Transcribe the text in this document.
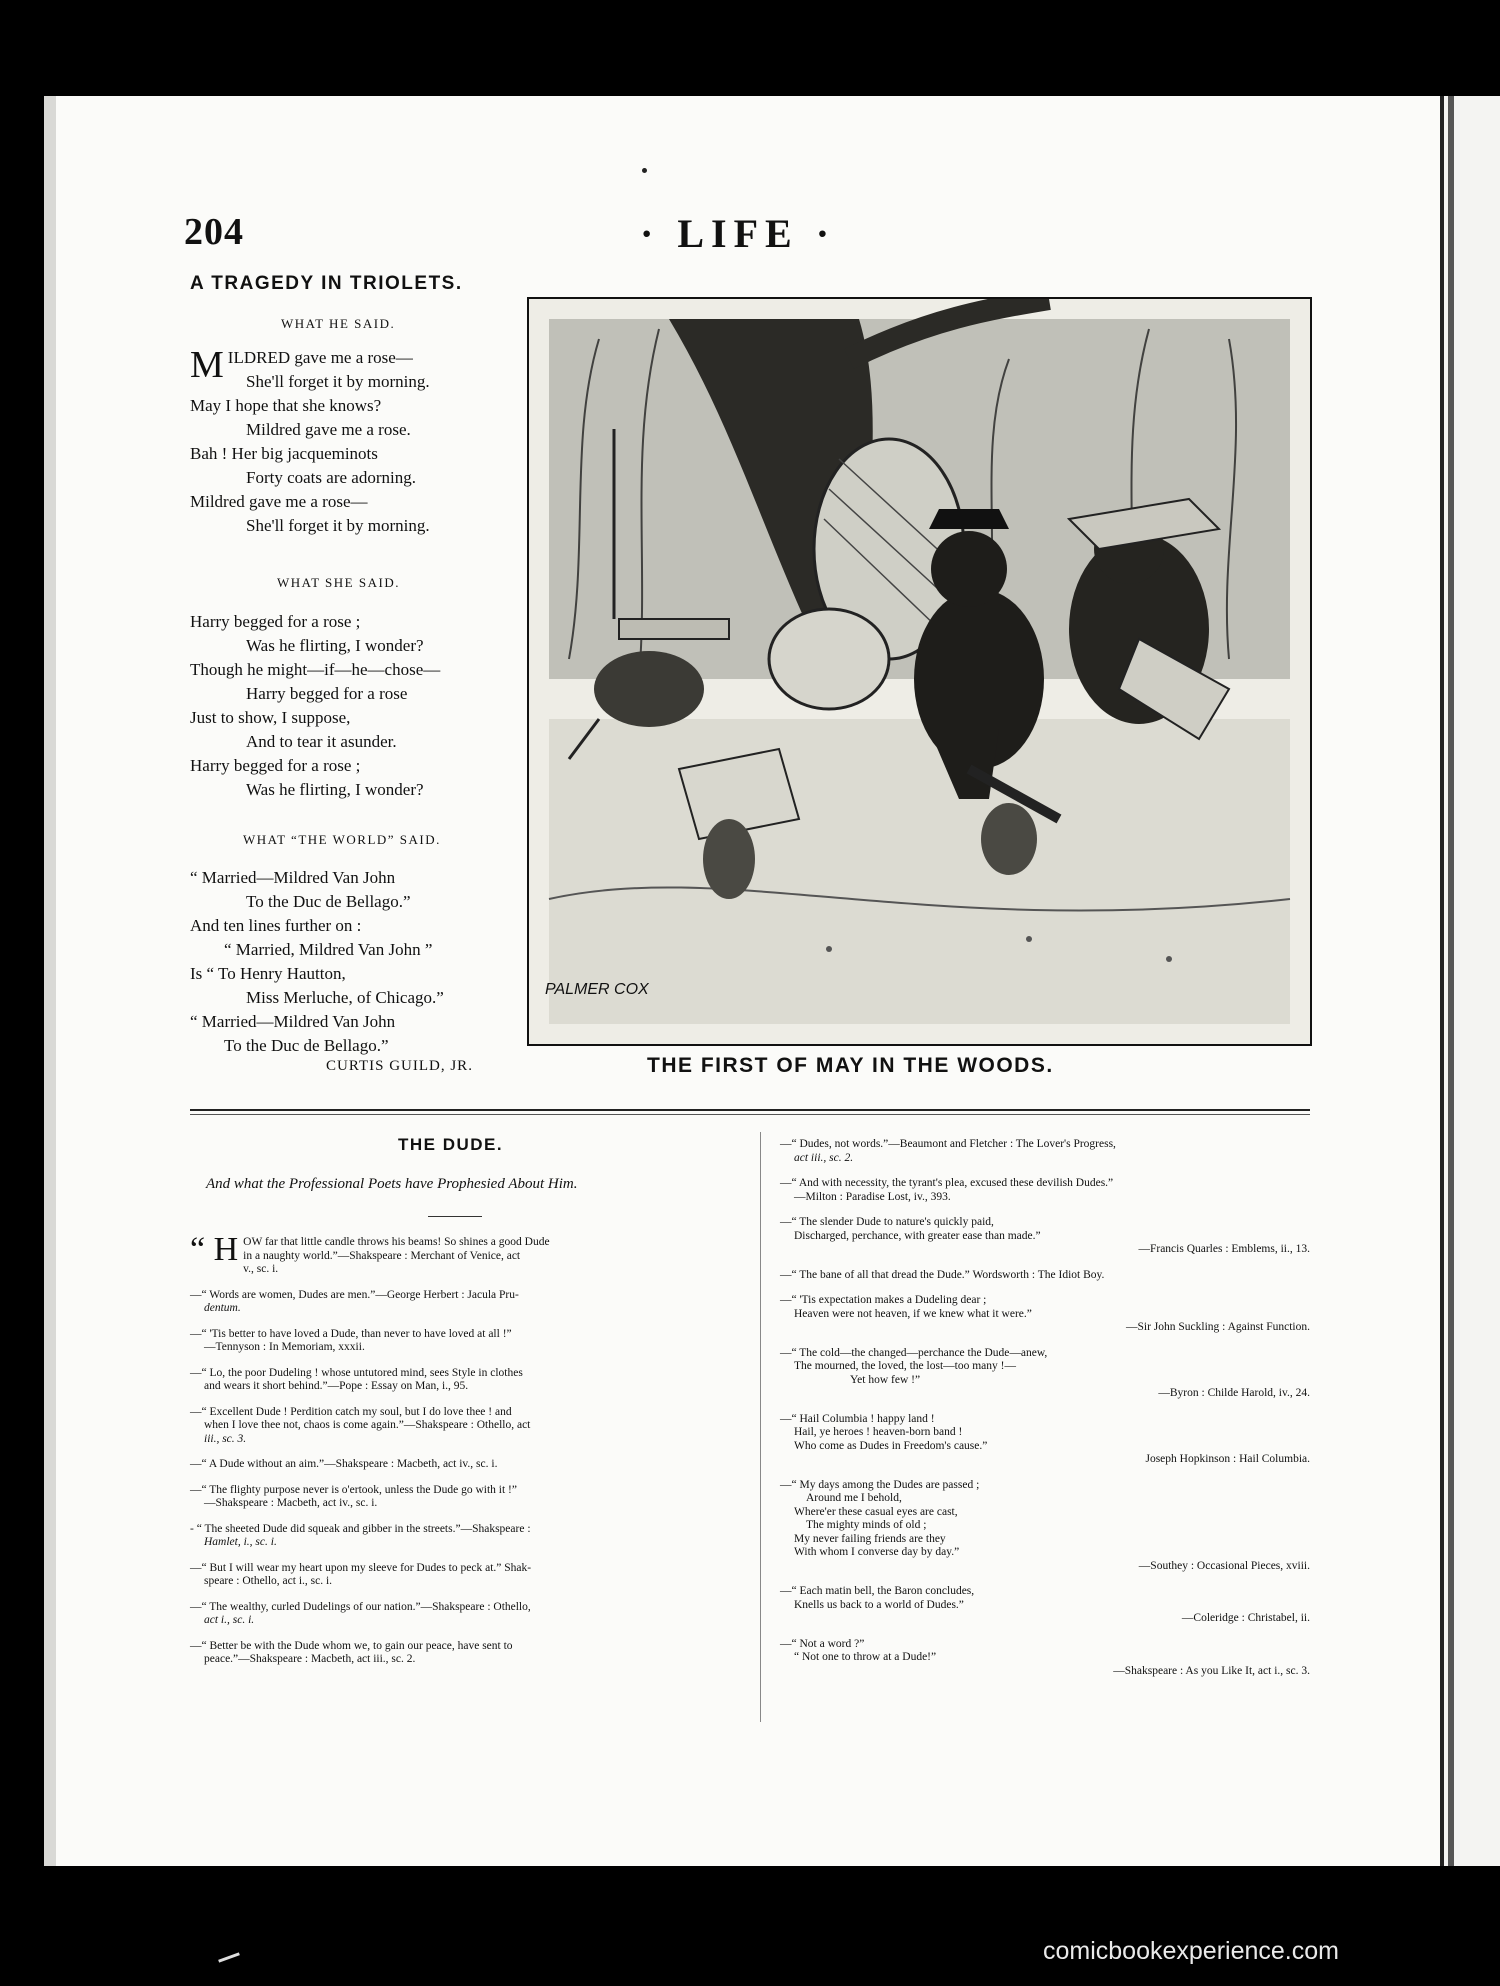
204	· LIFE ·
A TRAGEDY IN TRIOLETS.
WHAT HE SAID.
MILDRED gave me a rose—
She'll forget it by morning.
May I hope that she knows?
Mildred gave me a rose.
Bah ! Her big jacqueminots
Forty coats are adorning.
Mildred gave me a rose—
She'll forget it by morning.
WHAT SHE SAID.
Harry begged for a rose ;
Was he flirting, I wonder?
Though he might—if—he—chose—
Harry begged for a rose
Just to show, I suppose,
And to tear it asunder.
Harry begged for a rose ;
Was he flirting, I wonder?
WHAT “THE WORLD” SAID.
“ Married—Mildred Van John
To the Duc de Bellago.”
And ten lines further on :
“ Married, Mildred Van John ”
Is “ To Henry Hautton,
Miss Merluche, of Chicago.”
“ Married—Mildred Van John
To the Duc de Bellago.”
CURTIS GUILD, JR.
PALMER COX
THE FIRST OF MAY IN THE WOODS.
THE DUDE.
And what the Professional Poets have Prophesied About Him.
“ H OW far that little candle throws his beams! So shines a good Dude
in a naughty world.”—Shakspeare : Merchant of Venice, act
v., sc. i.
—“ Words are women, Dudes are men.”—George Herbert : Jacula Pru-
dentum.
—“ 'Tis better to have loved a Dude, than never to have loved at all !”
—Tennyson : In Memoriam, xxxii.
—“ Lo, the poor Dudeling ! whose untutored mind, sees Style in clothes
and wears it short behind.”—Pope : Essay on Man, i., 95.
—“ Excellent Dude ! Perdition catch my soul, but I do love thee ! and
when I love thee not, chaos is come again.”—Shakspeare : Othello, act
iii., sc. 3.
—“ A Dude without an aim.”—Shakspeare : Macbeth, act iv., sc. i.
—“ The flighty purpose never is o'ertook, unless the Dude go with it !”
—Shakspeare : Macbeth, act iv., sc. i.
- “ The sheeted Dude did squeak and gibber in the streets.”—Shakspeare :
Hamlet, i., sc. i.
—“ But I will wear my heart upon my sleeve for Dudes to peck at.” Shak-
speare : Othello, act i., sc. i.
—“ The wealthy, curled Dudelings of our nation.”—Shakspeare : Othello,
act i., sc. i.
—“ Better be with the Dude whom we, to gain our peace, have sent to
peace.”—Shakspeare : Macbeth, act iii., sc. 2.
—“ Dudes, not words.”—Beaumont and Fletcher : The Lover's Progress,
act iii., sc. 2.
—“ And with necessity, the tyrant's plea, excused these devilish Dudes.”
—Milton : Paradise Lost, iv., 393.
—“ The slender Dude to nature's quickly paid,
Discharged, perchance, with greater ease than made.”
—Francis Quarles : Emblems, ii., 13.
—“ The bane of all that dread the Dude.” Wordsworth : The Idiot Boy.
—“ 'Tis expectation makes a Dudeling dear ;
Heaven were not heaven, if we knew what it were.”
—Sir John Suckling : Against Function.
—“ The cold—the changed—perchance the Dude—anew,
The mourned, the loved, the lost—too many !—
Yet how few !”
—Byron : Childe Harold, iv., 24.
—“ Hail Columbia ! happy land !
Hail, ye heroes ! heaven-born band !
Who come as Dudes in Freedom's cause.”
Joseph Hopkinson : Hail Columbia.
—“ My days among the Dudes are passed ;
Around me I behold,
Where'er these casual eyes are cast,
The mighty minds of old ;
My never failing friends are they
With whom I converse day by day.”
—Southey : Occasional Pieces, xviii.
—“ Each matin bell, the Baron concludes,
Knells us back to a world of Dudes.”
—Coleridge : Christabel, ii.
—“ Not a word ?”
“ Not one to throw at a Dude!”
—Shakspeare : As you Like It, act i., sc. 3.
comicbookexperience.com
